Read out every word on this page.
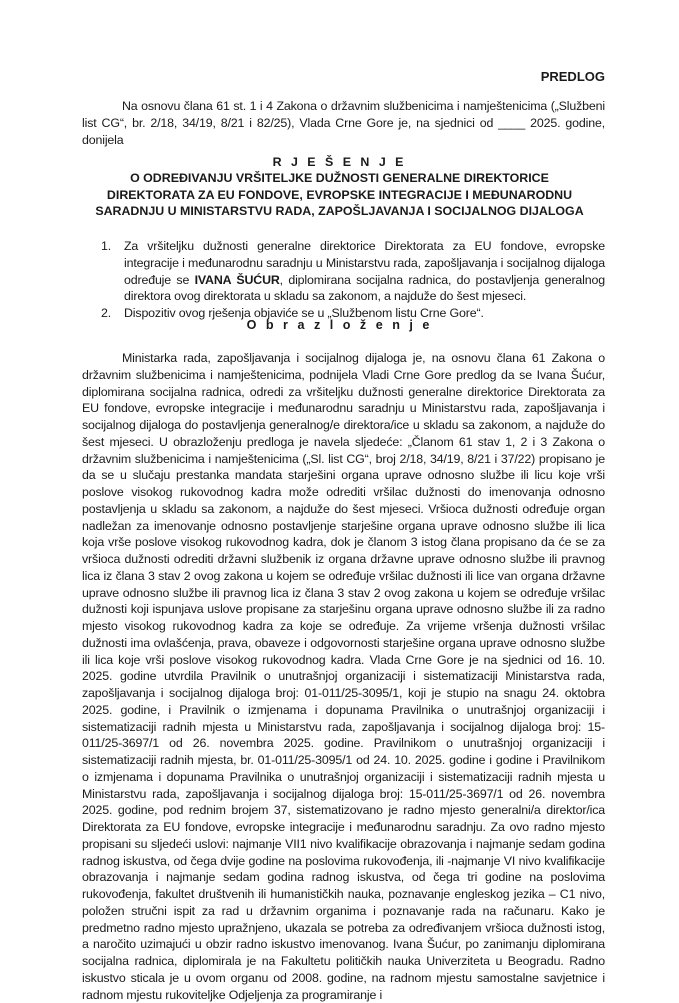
PREDLOG

Na osnovu člana 61 st. 1 i 4 Zakona o državnim službenicima i namještenicima („Službeni list CG“, br. 2/18, 34/19, 8/21 i 82/25), Vlada Crne Gore je, na sjednici od ____ 2025. godine, donijela

R J E Š E N J E
O ODREĐIVANJU VRŠITELJKE DUŽNOSTI GENERALNE DIREKTORICE
DIREKTORATA ZA EU FONDOVE, EVROPSKE INTEGRACIJE I MEĐUNARODNU
SARADNJU U MINISTARSTVU RADA, ZAPOŠLJAVANJA I SOCIJALNOG DIJALOGA
1. Za vršiteljku dužnosti generalne direktorice Direktorata za EU fondove, evropske integracije i međunarodnu saradnju u Ministarstvu rada, zapošljavanja i socijalnog dijaloga određuje se IVANA ŠUĆUR, diplomirana socijalna radnica, do postavljenja generalnog direktora ovog direktorata u skladu sa zakonom, a najduže do šest mjeseci.
2. Dispozitiv ovog rješenja objaviće se u „Službenom listu Crne Gore“.
O b r a z l o ž e n j e

Ministarka rada, zapošljavanja i socijalnog dijaloga je, na osnovu člana 61 Zakona o državnim službenicima i namještenicima, podnijela Vladi Crne Gore predlog da se Ivana Šućur, diplomirana socijalna radnica, odredi za vršiteljku dužnosti generalne direktorice Direktorata za EU fondove, evropske integracije i međunarodnu saradnju u Ministarstvu rada, zapošljavanja i socijalnog dijaloga do postavljenja generalnog/e direktora/ice u skladu sa zakonom, a najduže do šest mjeseci. U obrazloženju predloga je navela sljedeće: „Članom 61 stav 1, 2 i 3 Zakona o državnim službenicima i namještenicima („Sl. list CG“, broj 2/18, 34/19, 8/21 i 37/22) propisano je da se u slučaju prestanka mandata starješini organa uprave odnosno službe ili licu koje vrši poslove visokog rukovodnog kadra može odrediti vršilac dužnosti do imenovanja odnosno postavljenja u skladu sa zakonom, a najduže do šest mjeseci. Vršioca dužnosti određuje organ nadležan za imenovanje odnosno postavljenje starješine organa uprave odnosno službe ili lica koja vrše poslove visokog rukovodnog kadra, dok je članom 3 istog člana propisano da će se za vršioca dužnosti odrediti državni službenik iz organa državne uprave odnosno službe ili pravnog lica iz člana 3 stav 2 ovog zakona u kojem se određuje vršilac dužnosti ili lice van organa državne uprave odnosno službe ili pravnog lica iz člana 3 stav 2 ovog zakona u kojem se određuje vršilac dužnosti koji ispunjava uslove propisane za starješinu organa uprave odnosno službe ili za radno mjesto visokog rukovodnog kadra za koje se određuje. Za vrijeme vršenja dužnosti vršilac dužnosti ima ovlašćenja, prava, obaveze i odgovornosti starješine organa uprave odnosno službe ili lica koje vrši poslove visokog rukovodnog kadra. Vlada Crne Gore je na sjednici od 16. 10. 2025. godine utvrdila Pravilnik o unutrašnjoj organizaciji i sistematizaciji Ministarstva rada, zapošljavanja i socijalnog dijaloga broj: 01-011/25-3095/1, koji je stupio na snagu 24. oktobra 2025. godine, i Pravilnik o izmjenama i dopunama Pravilnika o unutrašnjoj organizaciji i sistematizaciji radnih mjesta u Ministarstvu rada, zapošljavanja i socijalnog dijaloga broj: 15-011/25-3697/1 od 26. novembra 2025. godine. Pravilnikom o unutrašnjoj organizaciji i sistematizaciji radnih mjesta, br. 01-011/25-3095/1 od 24. 10. 2025. godine i godine i Pravilnikom o izmjenama i dopunama Pravilnika o unutrašnjoj organizaciji i sistematizaciji radnih mjesta u Ministarstvu rada, zapošljavanja i socijalnog dijaloga broj: 15-011/25-3697/1 od 26. novembra 2025. godine, pod rednim brojem 37, sistematizovano je radno mjesto generalni/a direktor/ica Direktorata za EU fondove, evropske integracije i međunarodnu saradnju. Za ovo radno mjesto propisani su sljedeći uslovi: najmanje VII1 nivo kvalifikacije obrazovanja i najmanje sedam godina radnog iskustva, od čega dvije godine na poslovima rukovođenja, ili -najmanje VI nivo kvalifikacije obrazovanja i najmanje sedam godina radnog iskustva, od čega tri godine na poslovima rukovođenja, fakultet društvenih ili humanističkih nauka, poznavanje engleskog jezika – C1 nivo, položen stručni ispit za rad u državnim organima i poznavanje rada na računaru. Kako je predmetno radno mjesto upražnjeno, ukazala se potreba za određivanjem vršioca dužnosti istog, a naročito uzimajući u obzir radno iskustvo imenovanog. Ivana Šućur, po zanimanju diplomirana socijalna radnica, diplomirala je na Fakultetu političkih nauka Univerziteta u Beogradu. Radno iskustvo sticala je u ovom organu od 2008. godine, na radnom mjestu samostalne savjetnice i radnom mjestu rukoviteljke Odjeljenja za programiranje i
